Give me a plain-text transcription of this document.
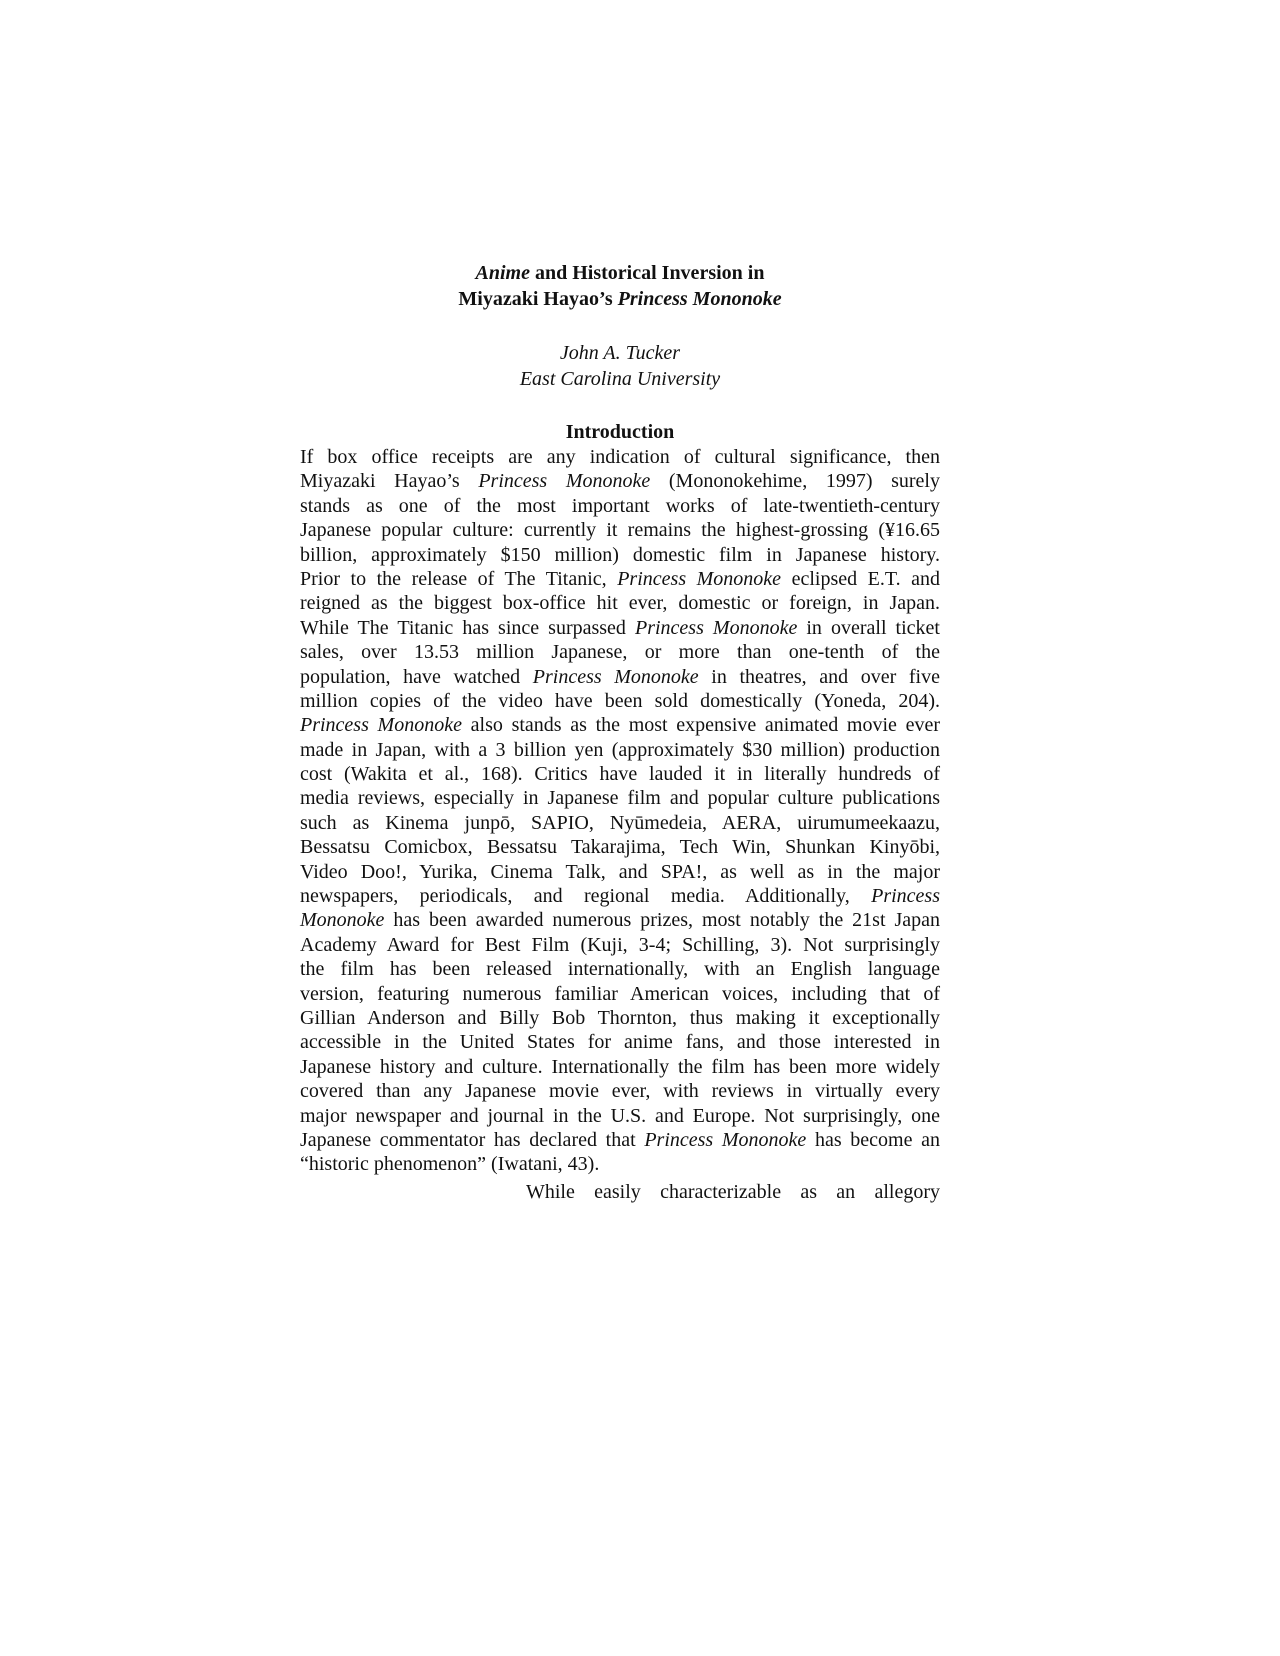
Anime and Historical Inversion in
Miyazaki Hayao’s Princess Mononoke
John A. Tucker
East Carolina University
Introduction
If box office receipts are any indication of cultural significance, then
Miyazaki Hayao’s Princess Mononoke (Mononokehime, 1997) surely
stands as one of the most important works of late-twentieth-century
Japanese popular culture: currently it remains the highest-grossing (¥16.65
billion, approximately $150 million) domestic film in Japanese history.
Prior to the release of The Titanic, Princess Mononoke eclipsed E.T. and
reigned as the biggest box-office hit ever, domestic or foreign, in Japan.
While The Titanic has since surpassed Princess Mononoke in overall ticket
sales, over 13.53 million Japanese, or more than one-tenth of the
population, have watched Princess Mononoke in theatres, and over five
million copies of the video have been sold domestically (Yoneda, 204).
Princess Mononoke also stands as the most expensive animated movie ever
made in Japan, with a 3 billion yen (approximately $30 million) production
cost (Wakita et al., 168). Critics have lauded it in literally hundreds of
media reviews, especially in Japanese film and popular culture publications
such as Kinema junpō, SAPIO, Nyūmedeia, AERA, uirumumeekaazu,
Bessatsu Comicbox, Bessatsu Takarajima, Tech Win, Shunkan Kinyōbi,
Video Doo!, Yurika, Cinema Talk, and SPA!, as well as in the major
newspapers, periodicals, and regional media. Additionally, Princess
Mononoke has been awarded numerous prizes, most notably the 21st Japan
Academy Award for Best Film (Kuji, 3-4; Schilling, 3). Not surprisingly
the film has been released internationally, with an English language
version, featuring numerous familiar American voices, including that of
Gillian Anderson and Billy Bob Thornton, thus making it exceptionally
accessible in the United States for anime fans, and those interested in
Japanese history and culture. Internationally the film has been more widely
covered than any Japanese movie ever, with reviews in virtually every
major newspaper and journal in the U.S. and Europe. Not surprisingly, one
Japanese commentator has declared that Princess Mononoke has become an
“historic phenomenon” (Iwatani, 43).
While easily characterizable as an allegory
